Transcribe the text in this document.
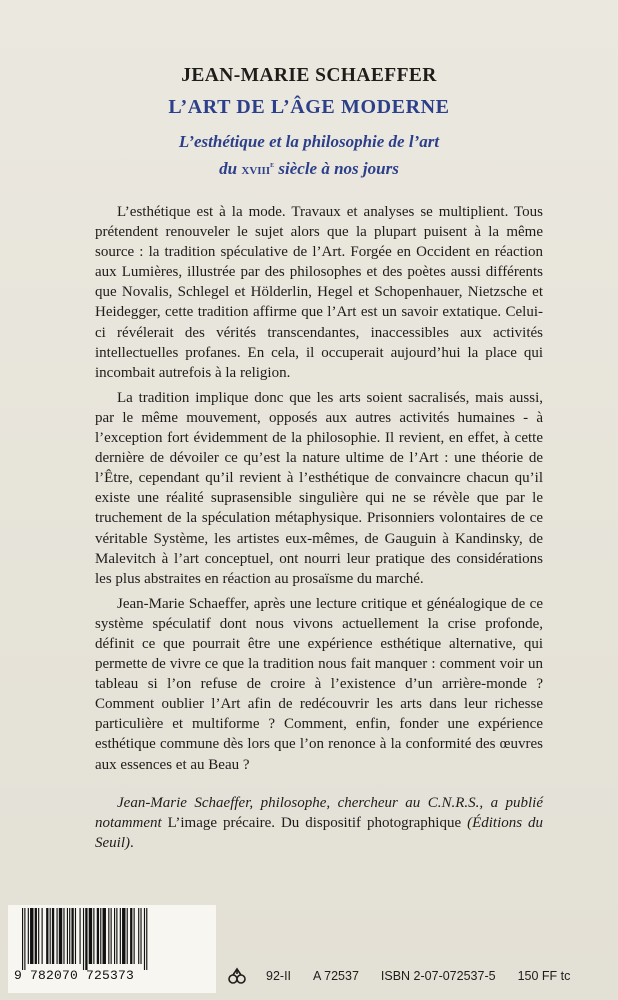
JEAN-MARIE SCHAEFFER
L’ART DE L’ÂGE MODERNE
L’esthétique et la philosophie de l’art
du xviii$^e$ siècle à nos jours

L’esthétique est à la mode. Travaux et analyses se multiplient. Tous prétendent renouveler le sujet alors que la plupart puisent à la même source : la tradition spéculative de l’Art. Forgée en Occident en réaction aux Lumières, illustrée par des philosophes et des poètes aussi différents que Novalis, Schlegel et Hölderlin, Hegel et Schopenhauer, Nietzsche et Heidegger, cette tradition affirme que l’Art est un savoir extatique. Celui-ci révélerait des vérités transcendantes, inaccessibles aux activités intellectuelles profanes. En cela, il occuperait aujourd’hui la place qui incombait autrefois à la religion.

La tradition implique donc que les arts soient sacralisés, mais aussi, par le même mouvement, opposés aux autres activités humaines - à l’exception fort évidemment de la philosophie. Il revient, en effet, à cette dernière de dévoiler ce qu’est la nature ultime de l’Art : une théorie de l’Être, cependant qu’il revient à l’esthétique de convaincre chacun qu’il existe une réalité suprasensible singulière qui ne se révèle que par le truchement de la spéculation métaphysique. Prisonniers volontaires de ce véritable Système, les artistes eux-mêmes, de Gauguin à Kandinsky, de Malevitch à l’art conceptuel, ont nourri leur pratique des considérations les plus abstraites en réaction au prosaïsme du marché.

Jean-Marie Schaeffer, après une lecture critique et généalogique de ce système spéculatif dont nous vivons actuellement la crise profonde, définit ce que pourrait être une expérience esthétique alternative, qui permette de vivre ce que la tradition nous fait manquer : comment voir un tableau si l’on refuse de croire à l’existence d’un arrière-monde ? Comment oublier l’Art afin de redécouvrir les arts dans leur richesse particulière et multiforme ? Comment, enfin, fonder une expérience esthétique commune dès lors que l’on renonce à la conformité des œuvres aux essences et au Beau ?

Jean-Marie Schaeffer, philosophe, chercheur au C.N.R.S., a publié notamment L’image précaire. Du dispositif photographique (Éditions du Seuil).

9 782070 725373	92-II A 72537 ISBN 2-07-072537-5 150 FF tc
